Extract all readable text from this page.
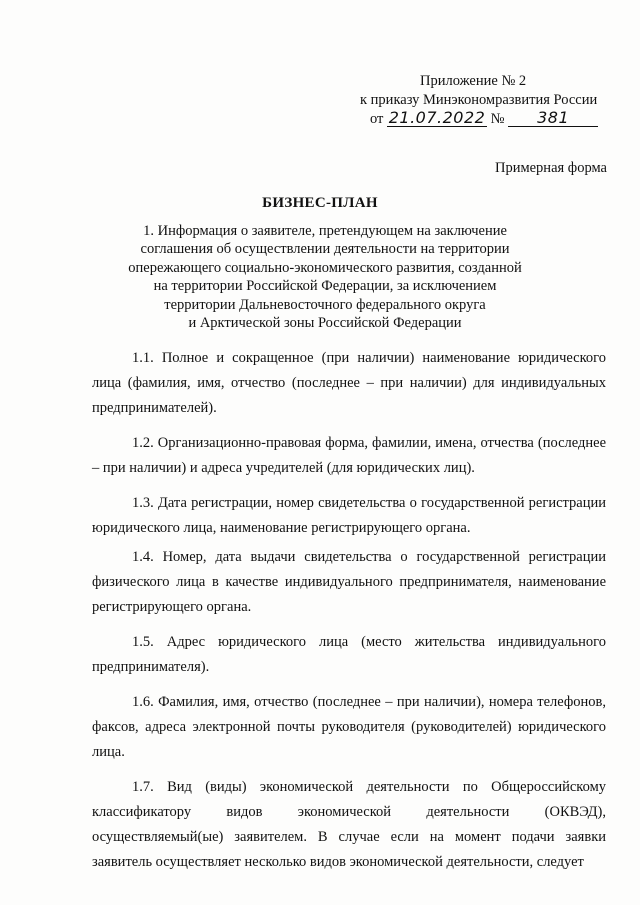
Приложение № 2
к приказу Минэкономразвития России
от 21.07.2022 № 381
Примерная форма
БИЗНЕС-ПЛАН
1. Информация о заявителе, претендующем на заключение
соглашения об осуществлении деятельности на территории
опережающего социально-экономического развития, созданной
на территории Российской Федерации, за исключением
территории Дальневосточного федерального округа
и Арктической зоны Российской Федерации

1.1. Полное и сокращенное (при наличии) наименование юридического лица (фамилия, имя, отчество (последнее – при наличии) для индивидуальных предпринимателей).

1.2. Организационно-правовая форма, фамилии, имена, отчества (последнее – при наличии) и адреса учредителей (для юридических лиц).

1.3. Дата регистрации, номер свидетельства о государственной регистрации юридического лица, наименование регистрирующего органа.

1.4. Номер, дата выдачи свидетельства о государственной регистрации физического лица в качестве индивидуального предпринимателя, наименование регистрирующего органа.

1.5. Адрес юридического лица (место жительства индивидуального предпринимателя).

1.6. Фамилия, имя, отчество (последнее – при наличии), номера телефонов, факсов, адреса электронной почты руководителя (руководителей) юридического лица.

1.7. Вид (виды) экономической деятельности по Общероссийскому классификатору видов экономической деятельности (ОКВЭД), осуществляемый(ые) заявителем. В случае если на момент подачи заявки заявитель осуществляет несколько видов экономической деятельности, следует
